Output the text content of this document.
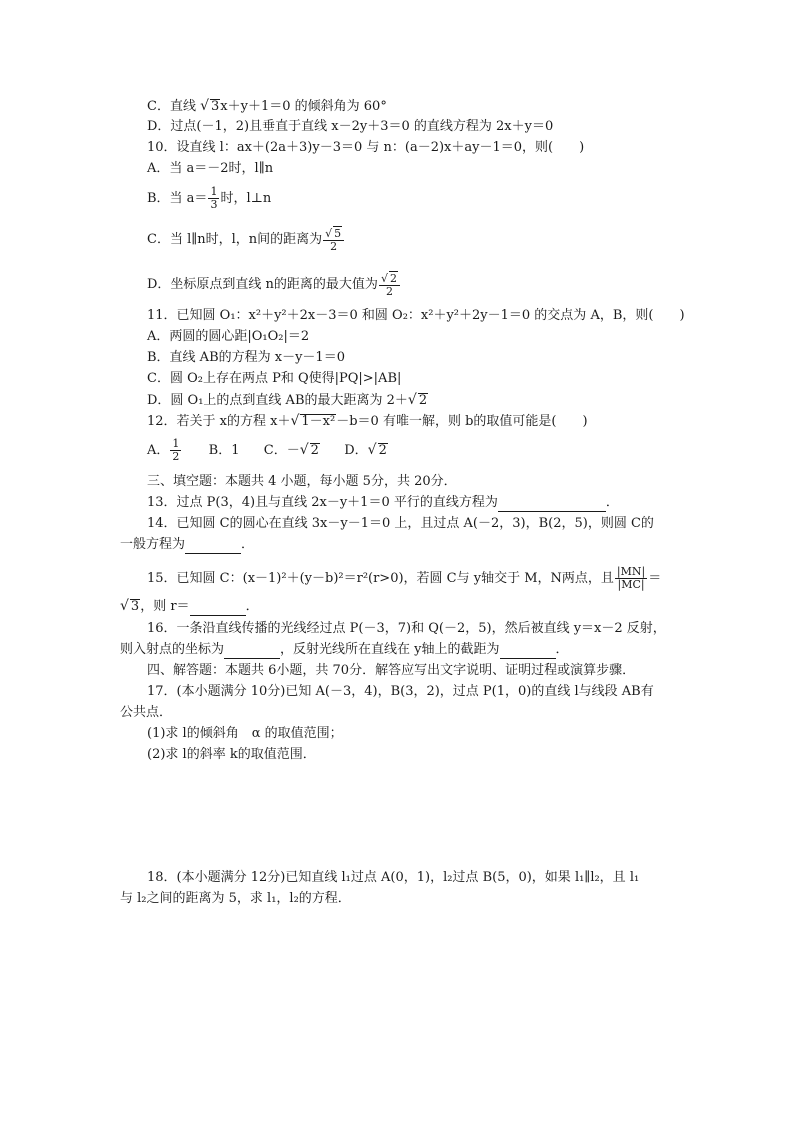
C．直线 √ 3x＋y＋1＝0 的倾斜角为 60°
D．过点(－1，2)且垂直于直线 x－2y＋3＝0 的直线方程为 2x＋y＝0
10．设直线 l：ax＋(2a＋3)y－3＝0 与 n：(a－2)x＋ay－1＝0，则(　　)
A．当 a＝－2时，l∥n
B．当 $a= \frac{1}{3}$ 时，l⊥n
C．当 l∥n时，l，n间的距离为 $\frac{√ 5}{2}$
D．坐标原点到直线 n的距离的最大值为 $\frac{√ 2}{2}$
11．已知圆 O₁：x²＋y²＋2x－3＝0 和圆 O₂：x²＋y²＋2y－1＝0 的交点为 A，B，则(　　)
A．两圆的圆心距|O₁O₂|＝2
B．直线 AB的方程为 x－y－1＝0
C．圆 O₂上存在两点 P和 Q使得|PQ|>|AB|
D．圆 O₁上的点到直线 AB的最大距离为 2＋√ 2
12．若关于 x的方程 x＋√ 1－x²－b＝0 有唯一解，则 b的取值可能是(　　)
A． $\frac{1}{2}$ B．1 C．－√ 2 D．√ 2
三、填空题：本题共 4 小题，每小题 5分，共 20分．
13．过点 P(3，4)且与直线 2x－y＋1＝0 平行的直线方程为	．
14．已知圆 C的圆心在直线 3x－y－1＝0 上，且过点 A(－2，3)，B(2，5)，则圆 C的
一般方程为	．
15．已知圆 C：(x－1)²＋(y－b)²＝r²(r>0)，若圆 C与 y轴交于 M，N两点，且 $\frac{|MN|}{|MC|}$ ＝
√ 3，则 r＝	．
16．一条沿直线传播的光线经过点 P(－3，7)和 Q(－2，5)，然后被直线 y＝x－2 反射，
则入射点的坐标为	，反射光线所在直线在 y轴上的截距为	．
四、解答题：本题共 6小题，共 70分．解答应写出文字说明、证明过程或演算步骤．
17．(本小题满分 10分)已知 A(－3，4)，B(3，2)，过点 P(1，0)的直线 l与线段 AB有
公共点．
(1)求 l的倾斜角　α 的取值范围；
(2)求 l的斜率 k的取值范围．
18．(本小题满分 12分)已知直线 l₁过点 A(0，1)，l₂过点 B(5，0)，如果 l₁∥l₂，且 l₁
与 l₂之间的距离为 5，求 l₁，l₂的方程．
